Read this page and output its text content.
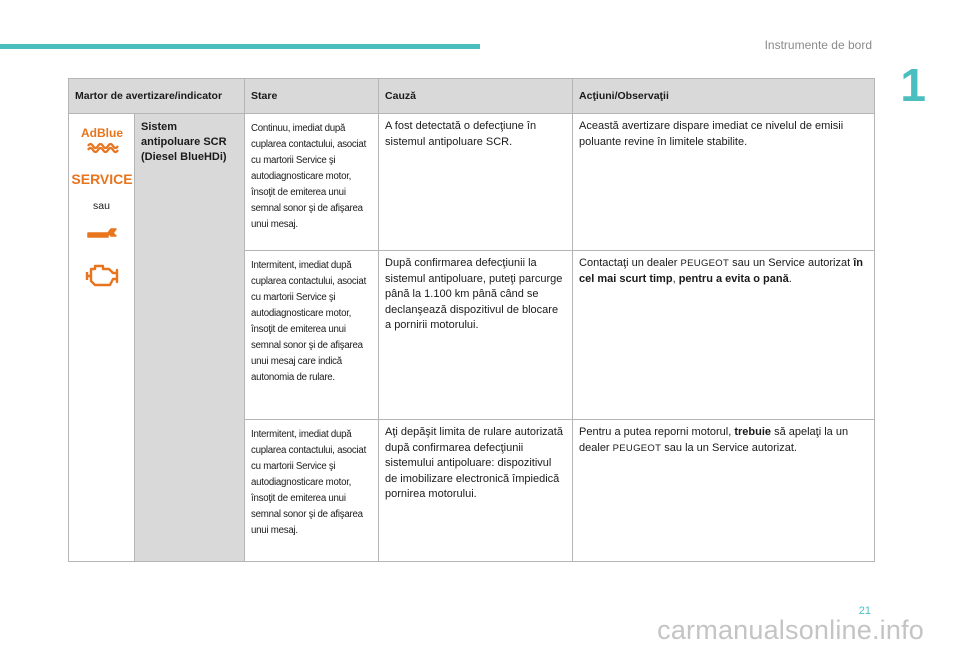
Instrumente de bord
1
Martor de avertizare/indicator		Stare	Cauză	Acţiuni/Observaţii

AdBlue
SERVICE
sau	Sistem antipoluare SCR (Diesel BlueHDi)	Continuu, imediat după cuplarea contactului, asociat cu martorii Service şi autodiagnosticare motor, însoţit de emiterea unui semnal sonor şi de afişarea unui mesaj.	A fost detectată o defecţiune în sistemul antipoluare SCR.	Această avertizare dispare imediat ce nivelul de emisii poluante revine în limitele stabilite.
		Intermitent, imediat după cuplarea contactului, asociat cu martorii Service şi autodiagnosticare motor, însoţit de emiterea unui semnal sonor şi de afişarea unui mesaj care indică autonomia de rulare.	După confirmarea defecţiunii la sistemul antipoluare, puteţi parcurge până la 1.100 km până când se declanşează dispozitivul de blocare a pornirii motorului.	Contactaţi un dealer PEUGEOT sau un Service autorizat în cel mai scurt timp, pentru a evita o pană.
		Intermitent, imediat după cuplarea contactului, asociat cu martorii Service şi autodiagnosticare motor, însoţit de emiterea unui semnal sonor şi de afişarea unui mesaj.	Aţi depăşit limita de rulare autorizată după confirmarea defecţiunii sistemului antipoluare: dispozitivul de imobilizare electronică împiedică pornirea motorului.	Pentru a putea reporni motorul, trebuie să apelaţi la un dealer PEUGEOT sau la un Service autorizat.
21
carmanualsonline.info
